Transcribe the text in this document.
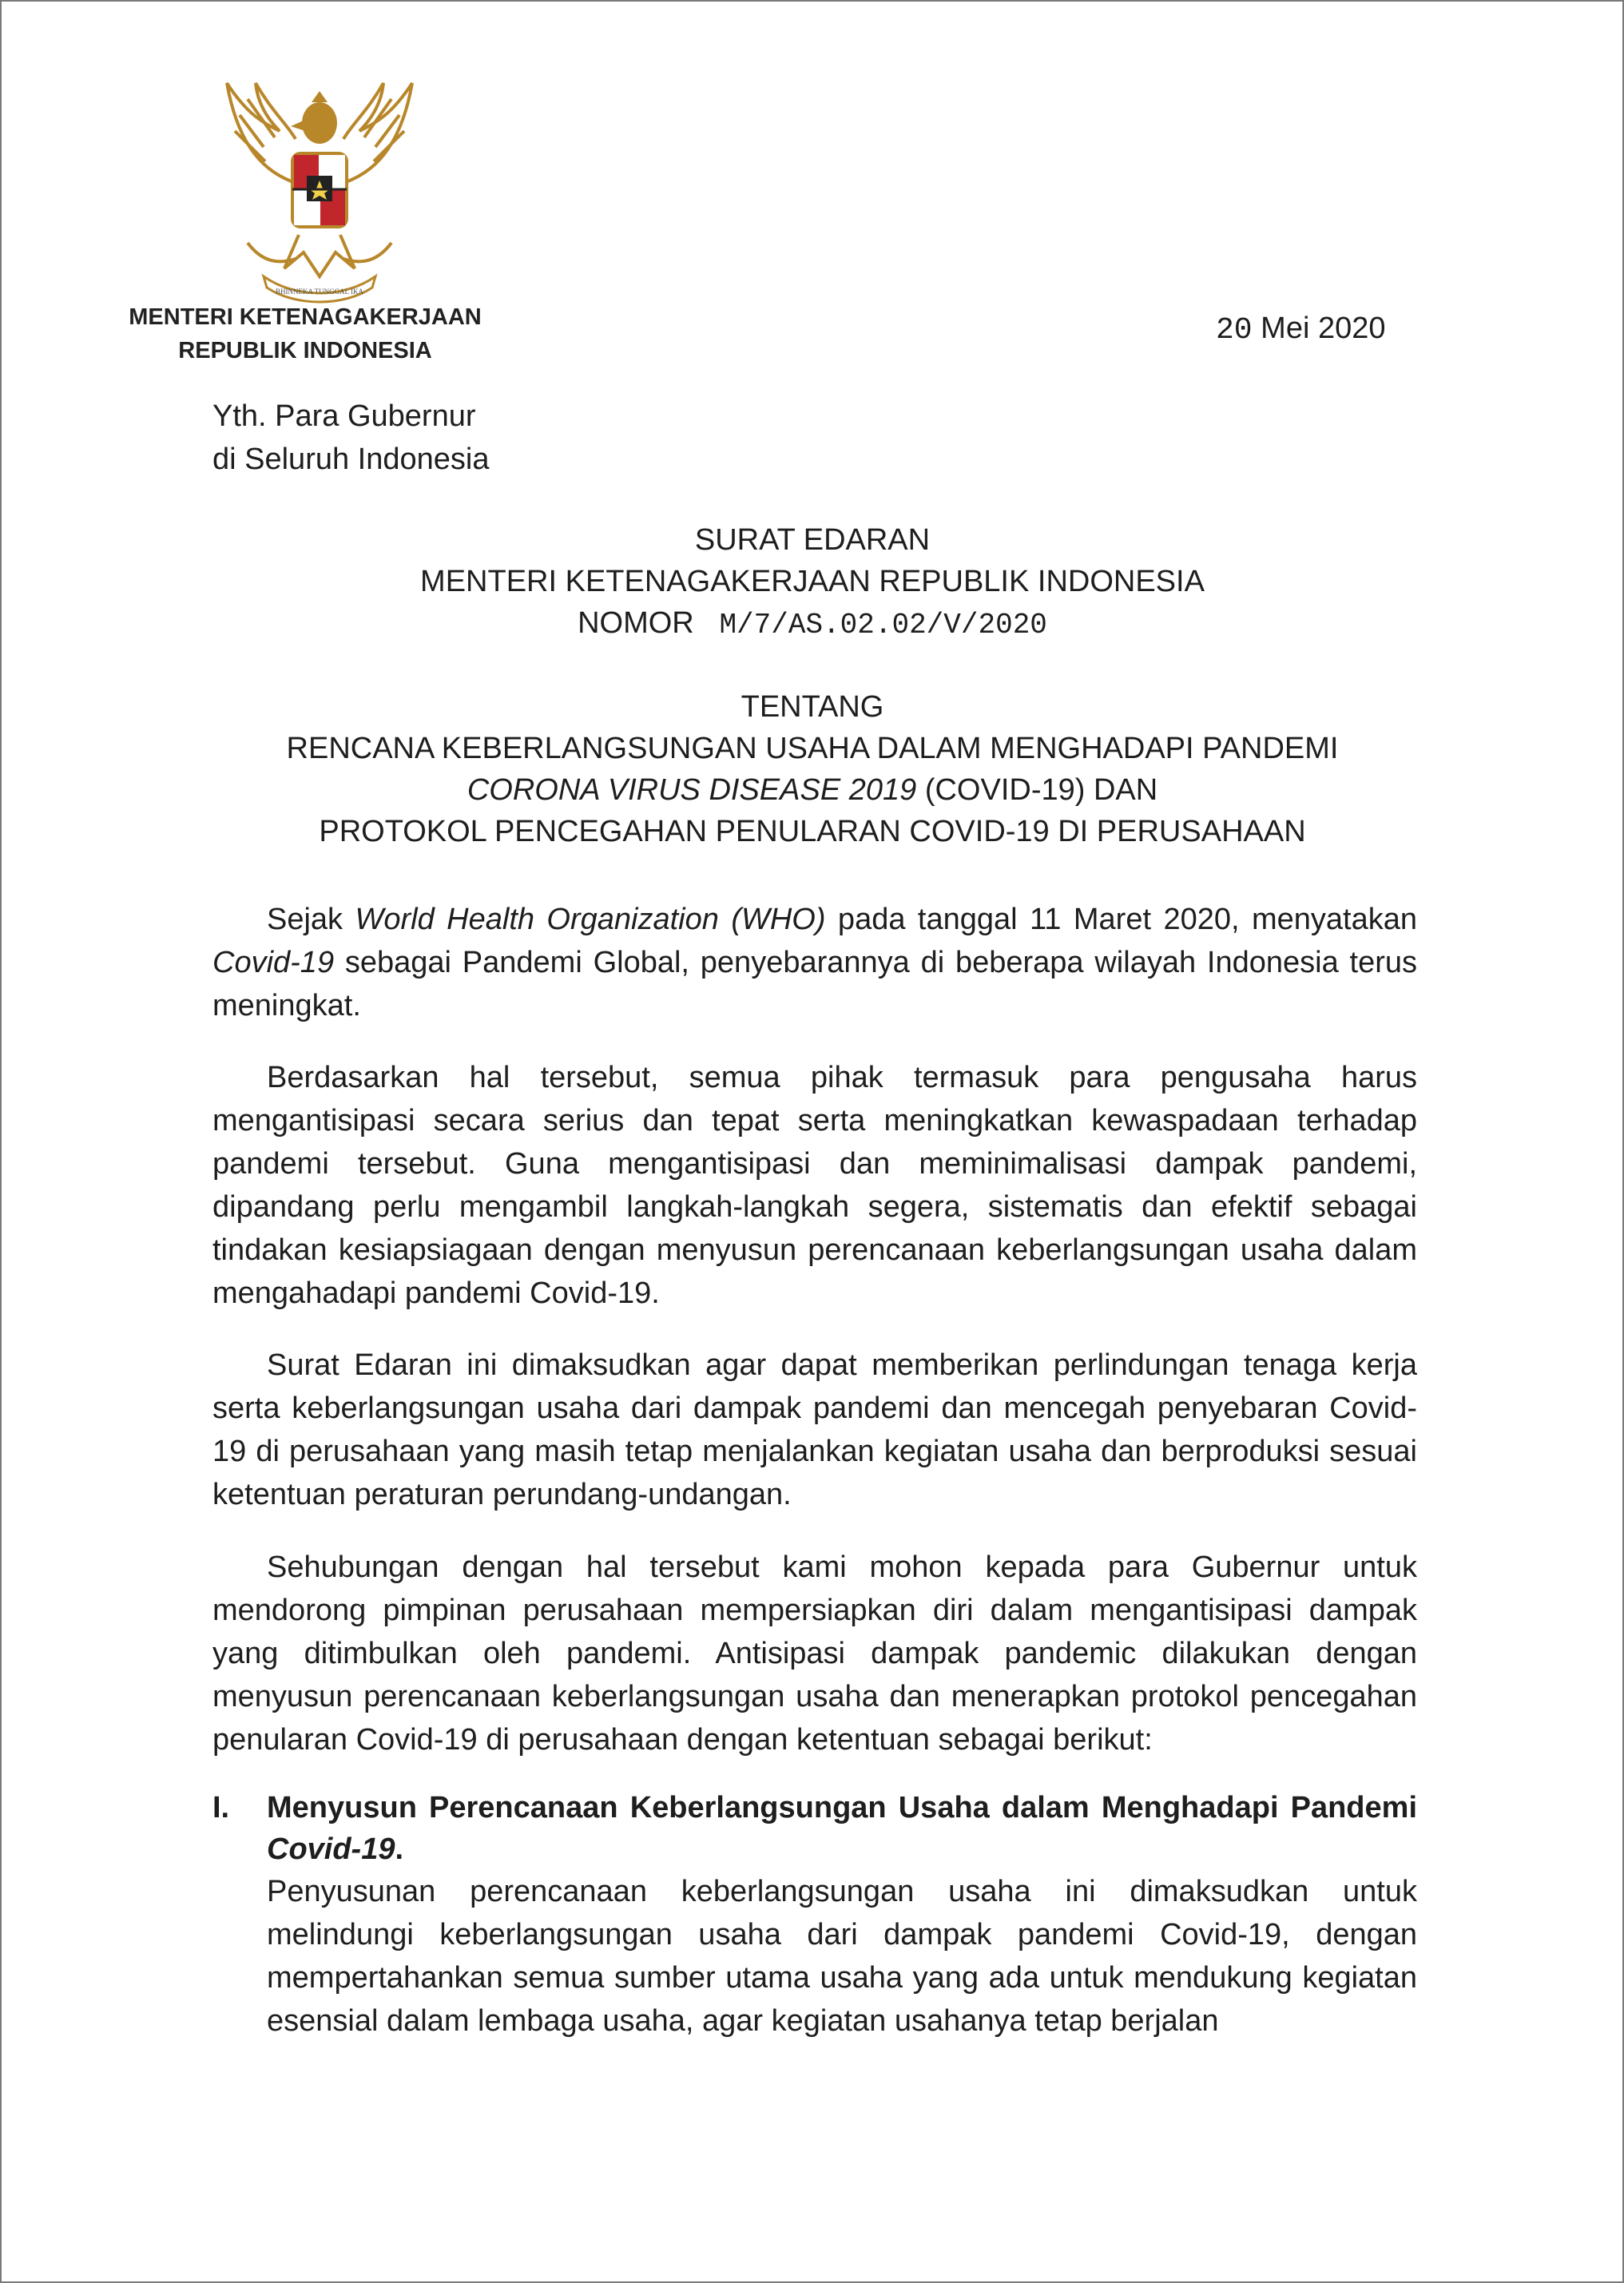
BHINNEKA TUNGGAL IKA
MENTERI KETENAGAKERJAAN
REPUBLIK INDONESIA
20 Mei 2020
Yth. Para Gubernur
di Seluruh Indonesia
SURAT EDARAN
MENTERI KETENAGAKERJAAN REPUBLIK INDONESIA
NOMOR M/7/AS.02.02/V/2020
TENTANG
RENCANA KEBERLANGSUNGAN USAHA DALAM MENGHADAPI PANDEMI
CORONA VIRUS DISEASE 2019 (COVID-19) DAN
PROTOKOL PENCEGAHAN PENULARAN COVID-19 DI PERUSAHAAN
Sejak World Health Organization (WHO) pada tanggal 11 Maret 2020, menyatakan Covid-19 sebagai Pandemi Global, penyebarannya di beberapa wilayah Indonesia terus meningkat.
Berdasarkan hal tersebut, semua pihak termasuk para pengusaha harus mengantisipasi secara serius dan tepat serta meningkatkan kewaspadaan terhadap pandemi tersebut. Guna mengantisipasi dan meminimalisasi dampak pandemi, dipandang perlu mengambil langkah-langkah segera, sistematis dan efektif sebagai tindakan kesiapsiagaan dengan menyusun perencanaan keberlangsungan usaha dalam mengahadapi pandemi Covid-19.
Surat Edaran ini dimaksudkan agar dapat memberikan perlindungan tenaga kerja serta keberlangsungan usaha dari dampak pandemi dan mencegah penyebaran Covid-19 di perusahaan yang masih tetap menjalankan kegiatan usaha dan berproduksi sesuai ketentuan peraturan perundang-undangan.
Sehubungan dengan hal tersebut kami mohon kepada para Gubernur untuk mendorong pimpinan perusahaan mempersiapkan diri dalam mengantisipasi dampak yang ditimbulkan oleh pandemi. Antisipasi dampak pandemic dilakukan dengan menyusun perencanaan keberlangsungan usaha dan menerapkan protokol pencegahan penularan Covid-19 di perusahaan dengan ketentuan sebagai berikut:
I.	Menyusun Perencanaan Keberlangsungan Usaha dalam Menghadapi Pandemi Covid-19.
Penyusunan perencanaan keberlangsungan usaha ini dimaksudkan untuk melindungi keberlangsungan usaha dari dampak pandemi Covid-19, dengan mempertahankan semua sumber utama usaha yang ada untuk mendukung kegiatan esensial dalam lembaga usaha, agar kegiatan usahanya tetap berjalan
